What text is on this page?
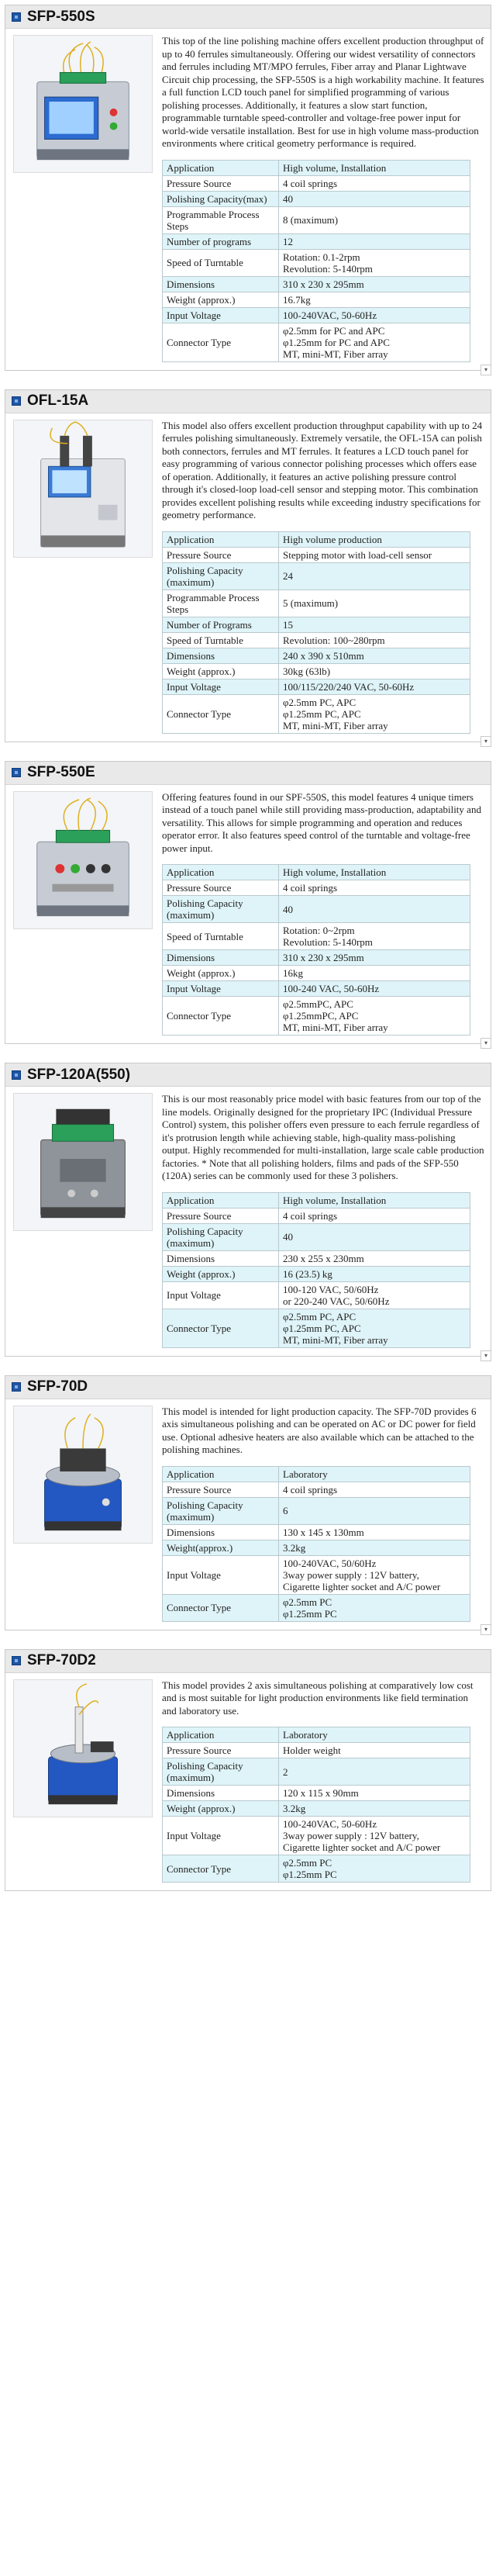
SFP-550S

This top of the line polishing machine offers excellent production throughput of up to 40 ferrules simultaneously. Offering our widest versatility of connectors and ferrules including MT/MPO ferrules, Fiber array and Planar Lightwave Circuit chip processing, the SFP-550S is a high workability machine. It features a full function LCD touch panel for simplified programming of various polishing processes. Additionally, it features a slow start function, programmable turntable speed-controller and voltage-free power input for world-wide versatile installation. Best for use in high volume mass-production environments where critical geometry performance is required.

Application	High volume, Installation
Pressure Source	4 coil springs
Polishing Capacity(max)	40
Programmable Process Steps	8 (maximum)
Number of programs	12
Speed of Turntable	Rotation: 0.1-2rpm
Revolution: 5-140rpm

Dimensions	310 x 230 x 295mm
Weight (approx.)	16.7kg
Input Voltage	100-240VAC, 50-60Hz
Connector Type	φ2.5mm for PC and APC
φ1.25mm for PC and APC
MT, mini-MT, Fiber array
▾
OFL-15A

This model also offers excellent production throughput capability with up to 24 ferrules polishing simultaneously. Extremely versatile, the OFL-15A can polish both connectors, ferrules and MT ferrules. It features a LCD touch panel for easy programming of various connector polishing processes which offers ease of operation. Additionally, it features an active polishing pressure control through it's closed-loop load-cell sensor and stepping motor. This combination provides excellent polishing results while exceeding industry specifications for geometry performance.

Application	High volume production
Pressure Source	Stepping motor with load-cell sensor
Polishing Capacity (maximum)	24
Programmable Process Steps	5 (maximum)
Number of Programs	15
Speed of Turntable	Revolution: 100~280rpm
Dimensions	240 x 390 x 510mm
Weight (approx.)	30kg (63lb)
Input Voltage	100/115/220/240 VAC, 50-60Hz
Connector Type	φ2.5mm PC, APC
φ1.25mm PC, APC
MT, mini-MT, Fiber array
▾
SFP-550E

Offering features found in our SPF-550S, this model features 4 unique timers instead of a touch panel while still providing mass-production, adaptability and versatility. This allows for simple programming and operation and reduces operator error. It also features speed control of the turntable and voltage-free power input.

Application	High volume, Installation
Pressure Source	4 coil springs
Polishing Capacity (maximum)	40
Speed of Turntable	Rotation: 0~2rpm
Revolution: 5-140rpm

Dimensions	310 x 230 x 295mm
Weight (approx.)	16kg
Input Voltage	100-240 VAC, 50-60Hz
Connector Type	φ2.5mmPC, APC
φ1.25mmPC, APC
MT, mini-MT, Fiber array
▾
SFP-120A(550)

This is our most reasonably price model with basic features from our top of the line models. Originally designed for the proprietary IPC (Individual Pressure Control) system, this polisher offers even pressure to each ferrule regardless of it's protrusion length while achieving stable, high-quality mass-polishing output. Highly recommended for multi-installation, large scale cable production factories. * Note that all polishing holders, films and pads of the SFP-550 (120A) series can be commonly used for these 3 polishers.

Application	High volume, Installation
Pressure Source	4 coil springs
Polishing Capacity (maximum)	40
Dimensions	230 x 255 x 230mm
Weight (approx.)	16 (23.5) kg
Input Voltage	100-120 VAC, 50/60Hz
or 220-240 VAC, 50/60Hz

Connector Type	φ2.5mm PC, APC
φ1.25mm PC, APC
MT, mini-MT, Fiber array
▾
SFP-70D

This model is intended for light production capacity. The SFP-70D provides 6 axis simultaneous polishing and can be operated on AC or DC power for field use. Optional adhesive heaters are also available which can be attached to the polishing machines.

Application	Laboratory
Pressure Source	4 coil springs
Polishing Capacity (maximum)	6
Dimensions	130 x 145 x 130mm
Weight(approx.)	3.2kg
Input Voltage	100-240VAC, 50/60Hz
3way power supply : 12V battery,
Cigarette lighter socket and A/C power

Connector Type	φ2.5mm PC
φ1.25mm PC
▾
SFP-70D2

This model provides 2 axis simultaneous polishing at comparatively low cost and is most suitable for light production environments like field termination and laboratory use.

Application	Laboratory
Pressure Source	Holder weight
Polishing Capacity (maximum)	2
Dimensions	120 x 115 x 90mm
Weight (approx.)	3.2kg
Input Voltage	100-240VAC, 50-60Hz
3way power supply : 12V battery,
Cigarette lighter socket and A/C power

Connector Type	φ2.5mm PC
φ1.25mm PC
